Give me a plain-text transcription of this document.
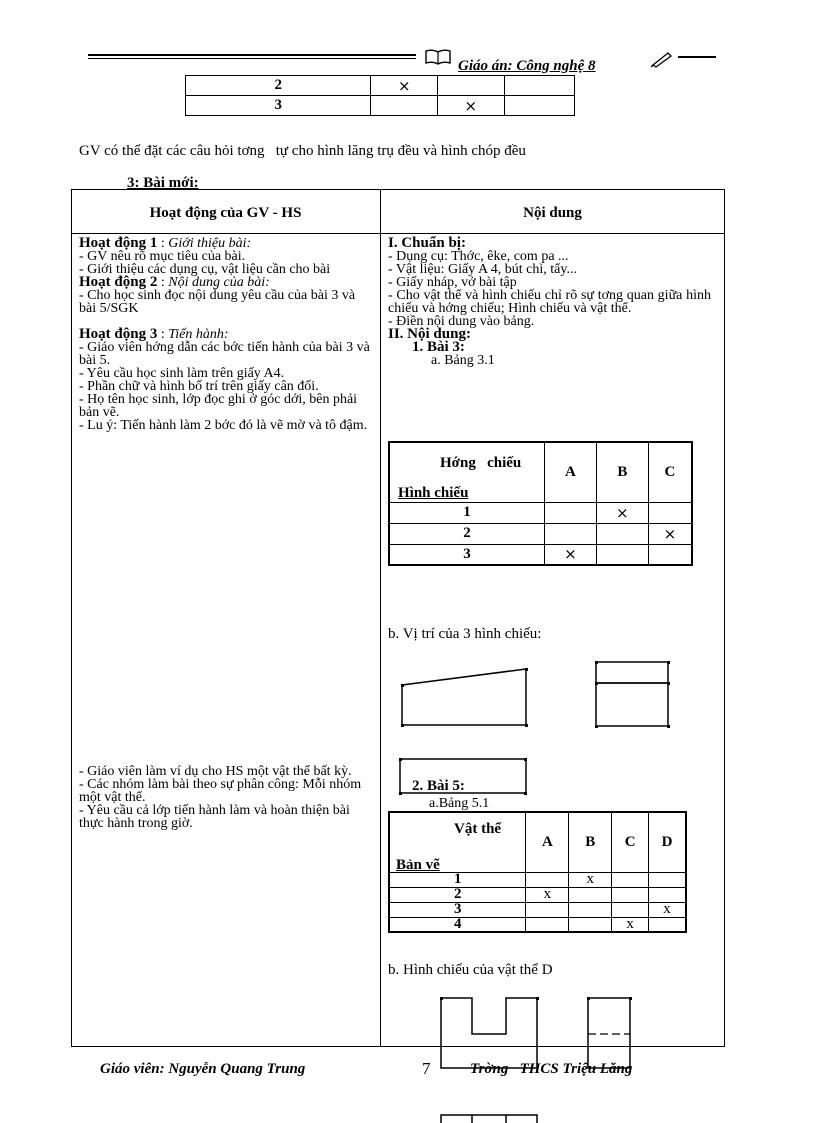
Giáo án: Công nghệ 8
2	×		
3		×	
GV có thể đặt các câu hỏi tơng   tự cho hình lăng trụ đều và hình chóp đều
3: Bài mới:
Hoạt động của GV - HS	Nội dung

Hoạt động 1 : Giới thiệu bài:

- GV nêu rõ mục tiêu của bài.

- Giới thiệu các dụng cụ, vật liệu cần cho bài

Hoạt động 2 : Nội dung của bài:

- Cho học sinh đọc nội dung yêu cầu của bài 3 và bài 5/SGK

Hoạt động 3 : Tiến hành:

- Giáo viên hớng dẫn các bớc tiến hành của bài 3 và bài 5.

- Yêu cầu học sinh làm trên giấy A4.

- Phần chữ và hình bố trí trên giấy cân đối.

- Họ tên học sinh, lớp đọc ghi ở góc dới, bên phải bản vẽ.

- Lu ý: Tiến hành làm 2 bớc đó là vẽ mờ và tô đậm.

- Giáo viên làm ví dụ cho HS một vật thể bất kỳ.

- Các nhóm làm bài theo sự phân công: Mỗi nhóm một vật thể.

- Yêu cầu cả lớp tiến hành làm và hoàn thiện bài thực hành trong giờ.

I. Chuẩn bị:

- Dụng cụ: Thớc, êke, com pa ...

- Vật liệu: Giấy A 4, bút chì, tẩy...

- Giấy nháp, vở bài tập

- Cho vật thể và hình chiếu chỉ rõ sự tơng quan giữa hình chiếu và hớng chiếu; Hình chiếu và vật thể.

- Điền nội dung vào bảng.

II. Nội dung:

1. Bài 3:

a. Bảng 3.1

Hớng   chiếu
Hình chiếu	A	B	C
1		×	
2			×
3	×		
b. Vị trí của 3 hình chiếu:
2. Bài 5:
a.Bảng 5.1
Vật thể
Bản vẽ	A	B	C	D
1		x		
2	x			
3				x
4			x	
b. Hình chiếu của vật thể D
Giáo viên: Nguyễn Quang Trung	7	Trờng   THCS Triệu Lăng
